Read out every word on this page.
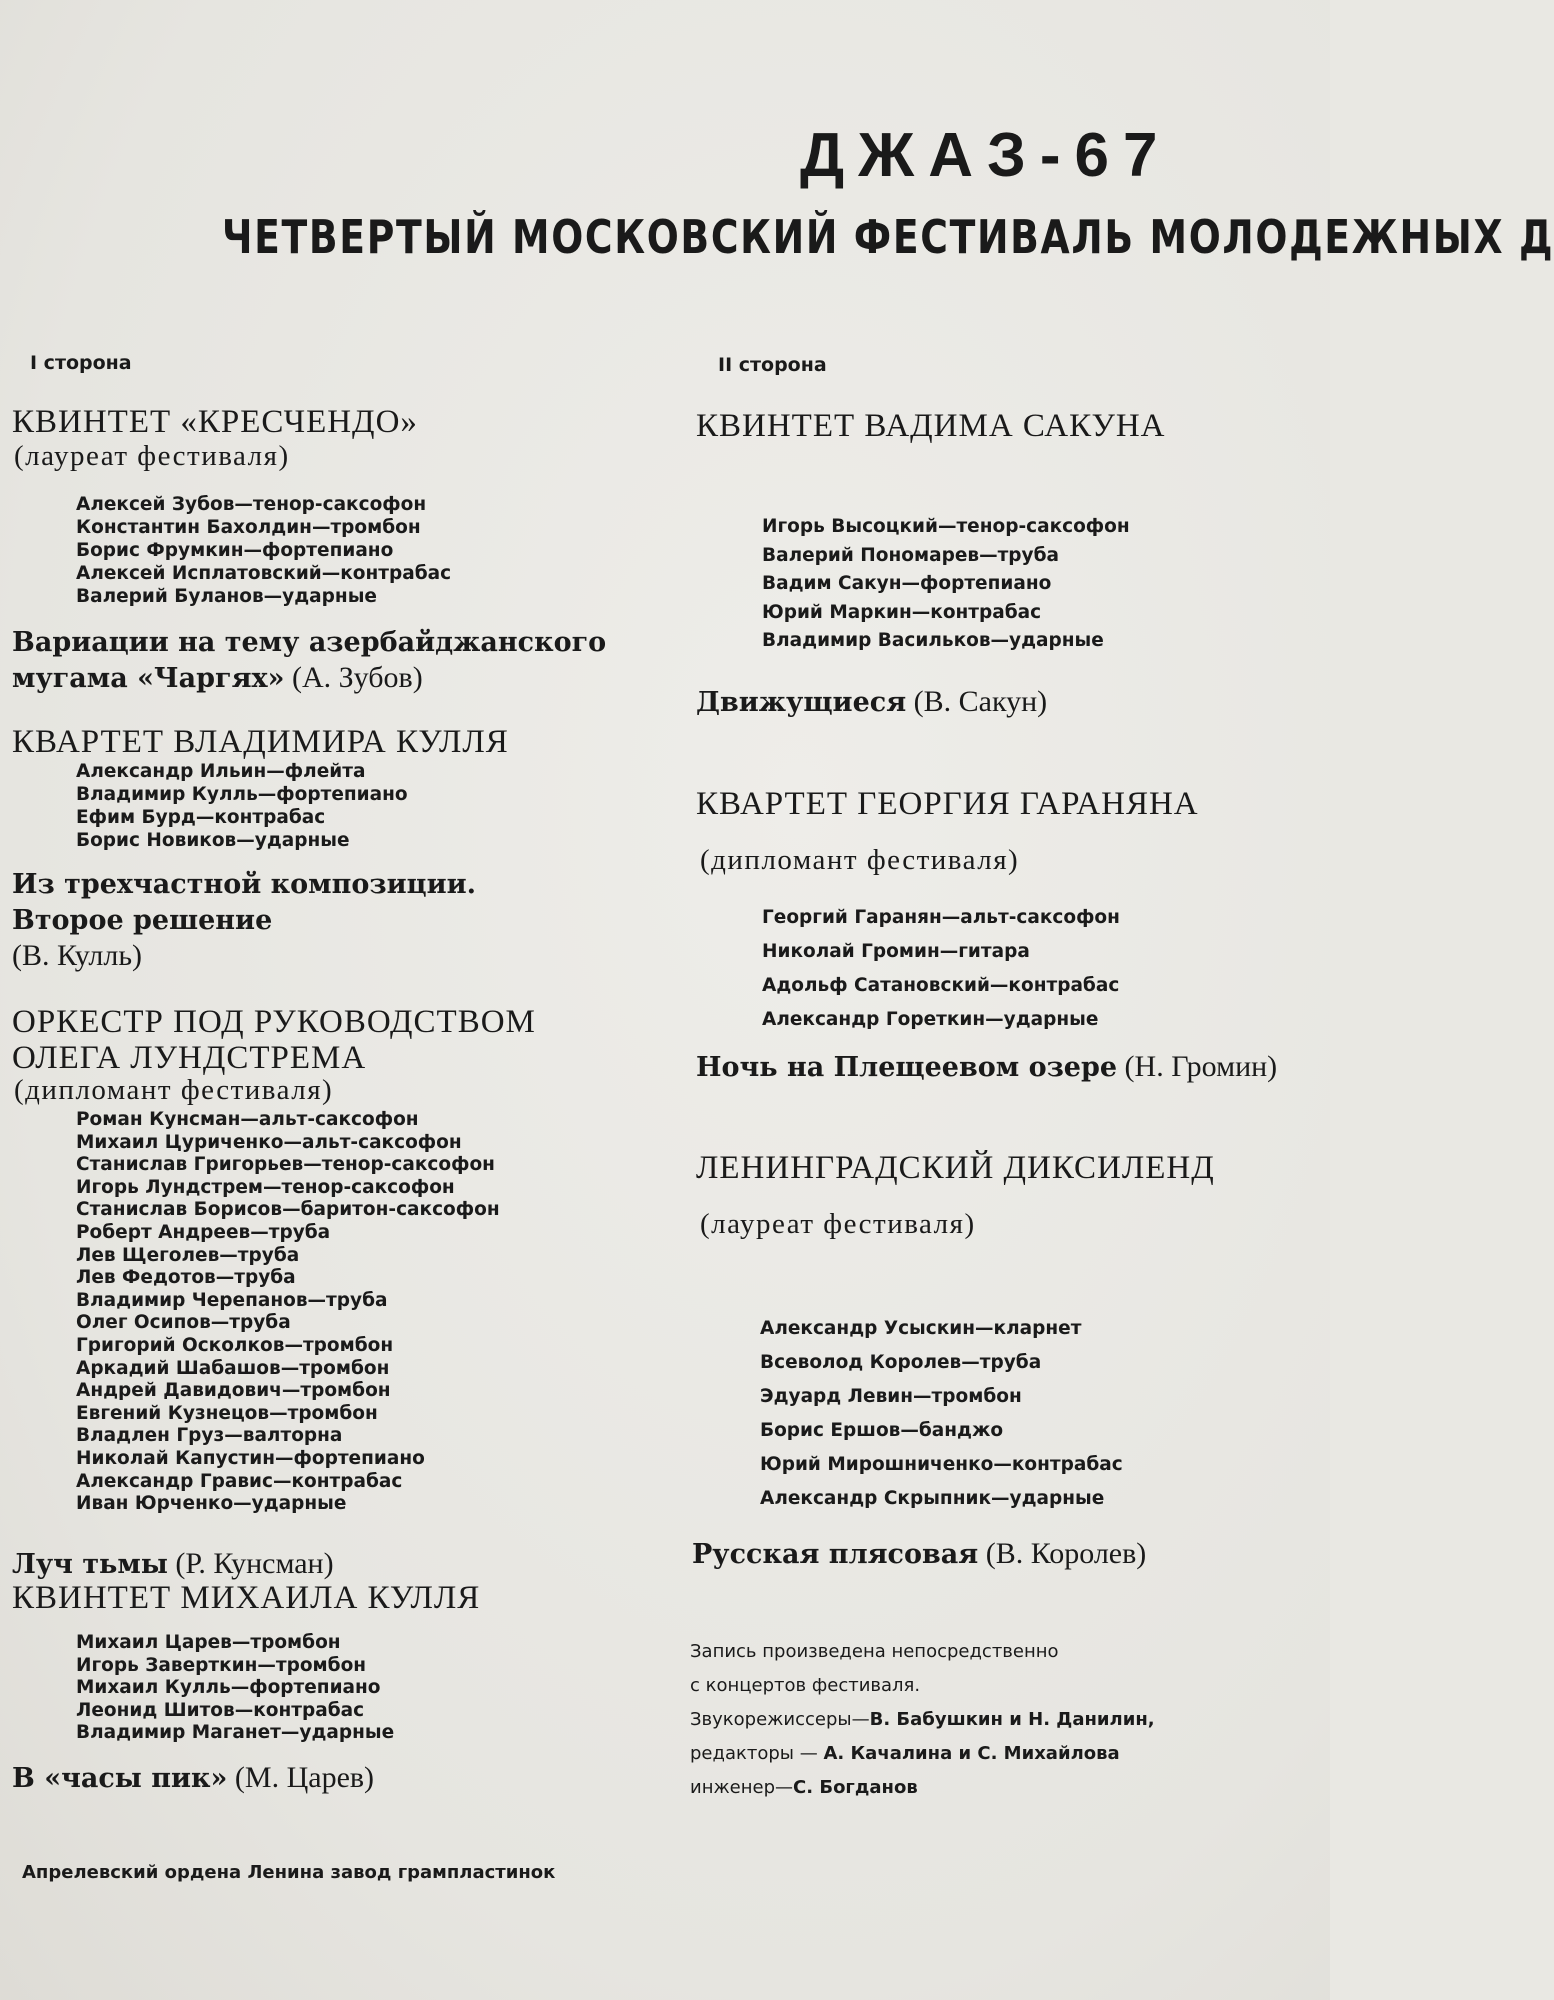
ДЖАЗ-67
ЧЕТВЕРТЫЙ МОСКОВСКИЙ ФЕСТИВАЛЬ МОЛОДЕЖНЫХ Д
I сторона
КВИНТЕТ «КРЕСЧЕНДО»
(лауреат фестиваля)
Алексей Зубов—тенор-саксофон
Константин Бахолдин—тромбон
Борис Фрумкин—фортепиано
Алексей Исплатовский—контрабас
Валерий Буланов—ударные
Вариации на тему азербайджанского
мугама «Чаргях» (А. Зубов)
КВАРТЕТ ВЛАДИМИРА КУЛЛЯ
Александр Ильин—флейта
Владимир Кулль—фортепиано
Ефим Бурд—контрабас
Борис Новиков—ударные
Из трехчастной композиции.
Второе решение
(В. Кулль)
ОРКЕСТР ПОД РУКОВОДСТВОМ
ОЛЕГА ЛУНДСТРЕМА
(дипломант фестиваля)
Роман Кунсман—альт-саксофон
Михаил Цуриченко—альт-саксофон
Станислав Григорьев—тенор-саксофон
Игорь Лундстрем—тенор-саксофон
Станислав Борисов—баритон-саксофон
Роберт Андреев—труба
Лев Щеголев—труба
Лев Федотов—труба
Владимир Черепанов—труба
Олег Осипов—труба
Григорий Осколков—тромбон
Аркадий Шабашов—тромбон
Андрей Давидович—тромбон
Евгений Кузнецов—тромбон
Владлен Груз—валторна
Николай Капустин—фортепиано
Александр Гравис—контрабас
Иван Юрченко—ударные
Луч тьмы (Р. Кунсман)
КВИНТЕТ МИХАИЛА КУЛЛЯ
Михаил Царев—тромбон
Игорь Заверткин—тромбон
Михаил Кулль—фортепиано
Леонид Шитов—контрабас
Владимир Маганет—ударные
В «часы пик» (М. Царев)
Апрелевский ордена Ленина завод грампластинок
II сторона
КВИНТЕТ ВАДИМА САКУНА
Игорь Высоцкий—тенор-саксофон
Валерий Пономарев—труба
Вадим Сакун—фортепиано
Юрий Маркин—контрабас
Владимир Васильков—ударные
Движущиеся (В. Сакун)
КВАРТЕТ ГЕОРГИЯ ГАРАНЯНА
(дипломант фестиваля)
Георгий Гаранян—альт-саксофон
Николай Громин—гитара
Адольф Сатановский—контрабас
Александр Горeткин—ударные
Ночь на Плещеевом озере (Н. Громин)
ЛЕНИНГРАДСКИЙ ДИКСИЛЕНД
(лауреат фестиваля)
Александр Усыскин—кларнет
Всеволод Королев—труба
Эдуард Левин—тромбон
Борис Ершов—банджо
Юрий Мирошниченко—контрабас
Александр Скрыпник—ударные
Русская плясовая (В. Королев)
Запись произведена непосредственно
с концертов фестиваля.
Звукорежиссеры—В. Бабушкин и Н. Данилин,
редакторы — А. Качалина и С. Михайлова
инженер—С. Богданов
